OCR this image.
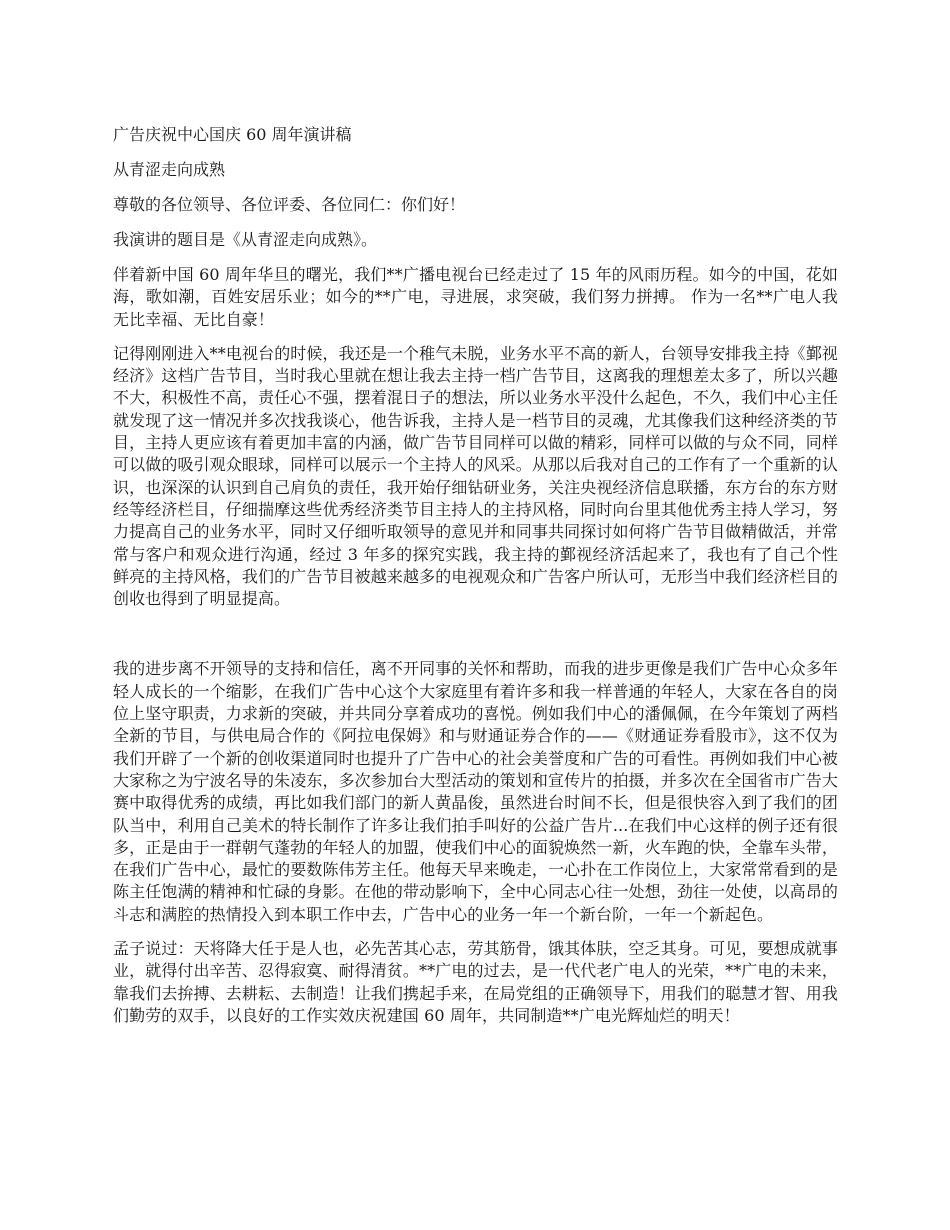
广告庆祝中心国庆 60 周年演讲稿

从青涩走向成熟

尊敬的各位领导、各位评委、各位同仁：你们好！

我演讲的题目是《从青涩走向成熟》。

伴着新中国 60 周年华旦的曙光，我们**广播电视台已经走过了 15 年的风雨历程。如今的中国，花如海，歌如潮，百姓安居乐业；如今的**广电，寻进展，求突破，我们努力拼搏。 作为一名**广电人我无比幸福、无比自豪！

记得刚刚进入**电视台的时候，我还是一个稚气未脱，业务水平不高的新人，台领导安排我主持《鄞视经济》这档广告节目，当时我心里就在想让我去主持一档广告节目，这离我的理想差太多了，所以兴趣不大，积极性不高，责任心不强，摆着混日子的想法，所以业务水平没什么起色，不久，我们中心主任就发现了这一情况并多次找我谈心，他告诉我，主持人是一档节目的灵魂，尤其像我们这种经济类的节目，主持人更应该有着更加丰富的内涵，做广告节目同样可以做的精彩，同样可以做的与众不同，同样可以做的吸引观众眼球，同样可以展示一个主持人的风采。从那以后我对自己的工作有了一个重新的认识，也深深的认识到自己肩负的责任，我开始仔细钻研业务，关注央视经济信息联播，东方台的东方财经等经济栏目，仔细揣摩这些优秀经济类节目主持人的主持风格，同时向台里其他优秀主持人学习，努力提高自己的业务水平，同时又仔细听取领导的意见并和同事共同探讨如何将广告节目做精做活，并常常与客户和观众进行沟通，经过 3 年多的探究实践，我主持的鄞视经济活起来了，我也有了自己个性鲜亮的主持风格，我们的广告节目被越来越多的电视观众和广告客户所认可，无形当中我们经济栏目的创收也得到了明显提高。

我的进步离不开领导的支持和信任，离不开同事的关怀和帮助，而我的进步更像是我们广告中心众多年轻人成长的一个缩影，在我们广告中心这个大家庭里有着许多和我一样普通的年轻人，大家在各自的岗位上坚守职责，力求新的突破，并共同分享着成功的喜悦。例如我们中心的潘佩佩，在今年策划了两档全新的节目，与供电局合作的《阿拉电保姆》和与财通证券合作的——《财通证券看股市》，这不仅为我们开辟了一个新的创收渠道同时也提升了广告中心的社会美誉度和广告的可看性。再例如我们中心被大家称之为宁波名导的朱凌东，多次参加台大型活动的策划和宣传片的拍摄，并多次在全国省市广告大赛中取得优秀的成绩，再比如我们部门的新人黄晶俊，虽然进台时间不长，但是很快容入到了我们的团队当中，利用自己美术的特长制作了许多让我们拍手叫好的公益广告片...在我们中心这样的例子还有很多，正是由于一群朝气蓬勃的年轻人的加盟，使我们中心的面貌焕然一新，火车跑的快，全靠车头带，在我们广告中心，最忙的要数陈伟芳主任。他每天早来晚走，一心扑在工作岗位上，大家常常看到的是陈主任饱满的精神和忙碌的身影。在他的带动影响下，全中心同志心往一处想，劲往一处使，以高昂的斗志和满腔的热情投入到本职工作中去，广告中心的业务一年一个新台阶，一年一个新起色。

孟子说过：天将降大任于是人也，必先苦其心志，劳其筋骨，饿其体肤，空乏其身。可见，要想成就事业，就得付出辛苦、忍得寂寞、耐得清贫。**广电的过去，是一代代老广电人的光荣，**广电的未来，靠我们去拚搏、去耕耘、去制造！让我们携起手来，在局党组的正确领导下，用我们的聪慧才智、用我们勤劳的双手，以良好的工作实效庆祝建国 60 周年，共同制造**广电光辉灿烂的明天！
